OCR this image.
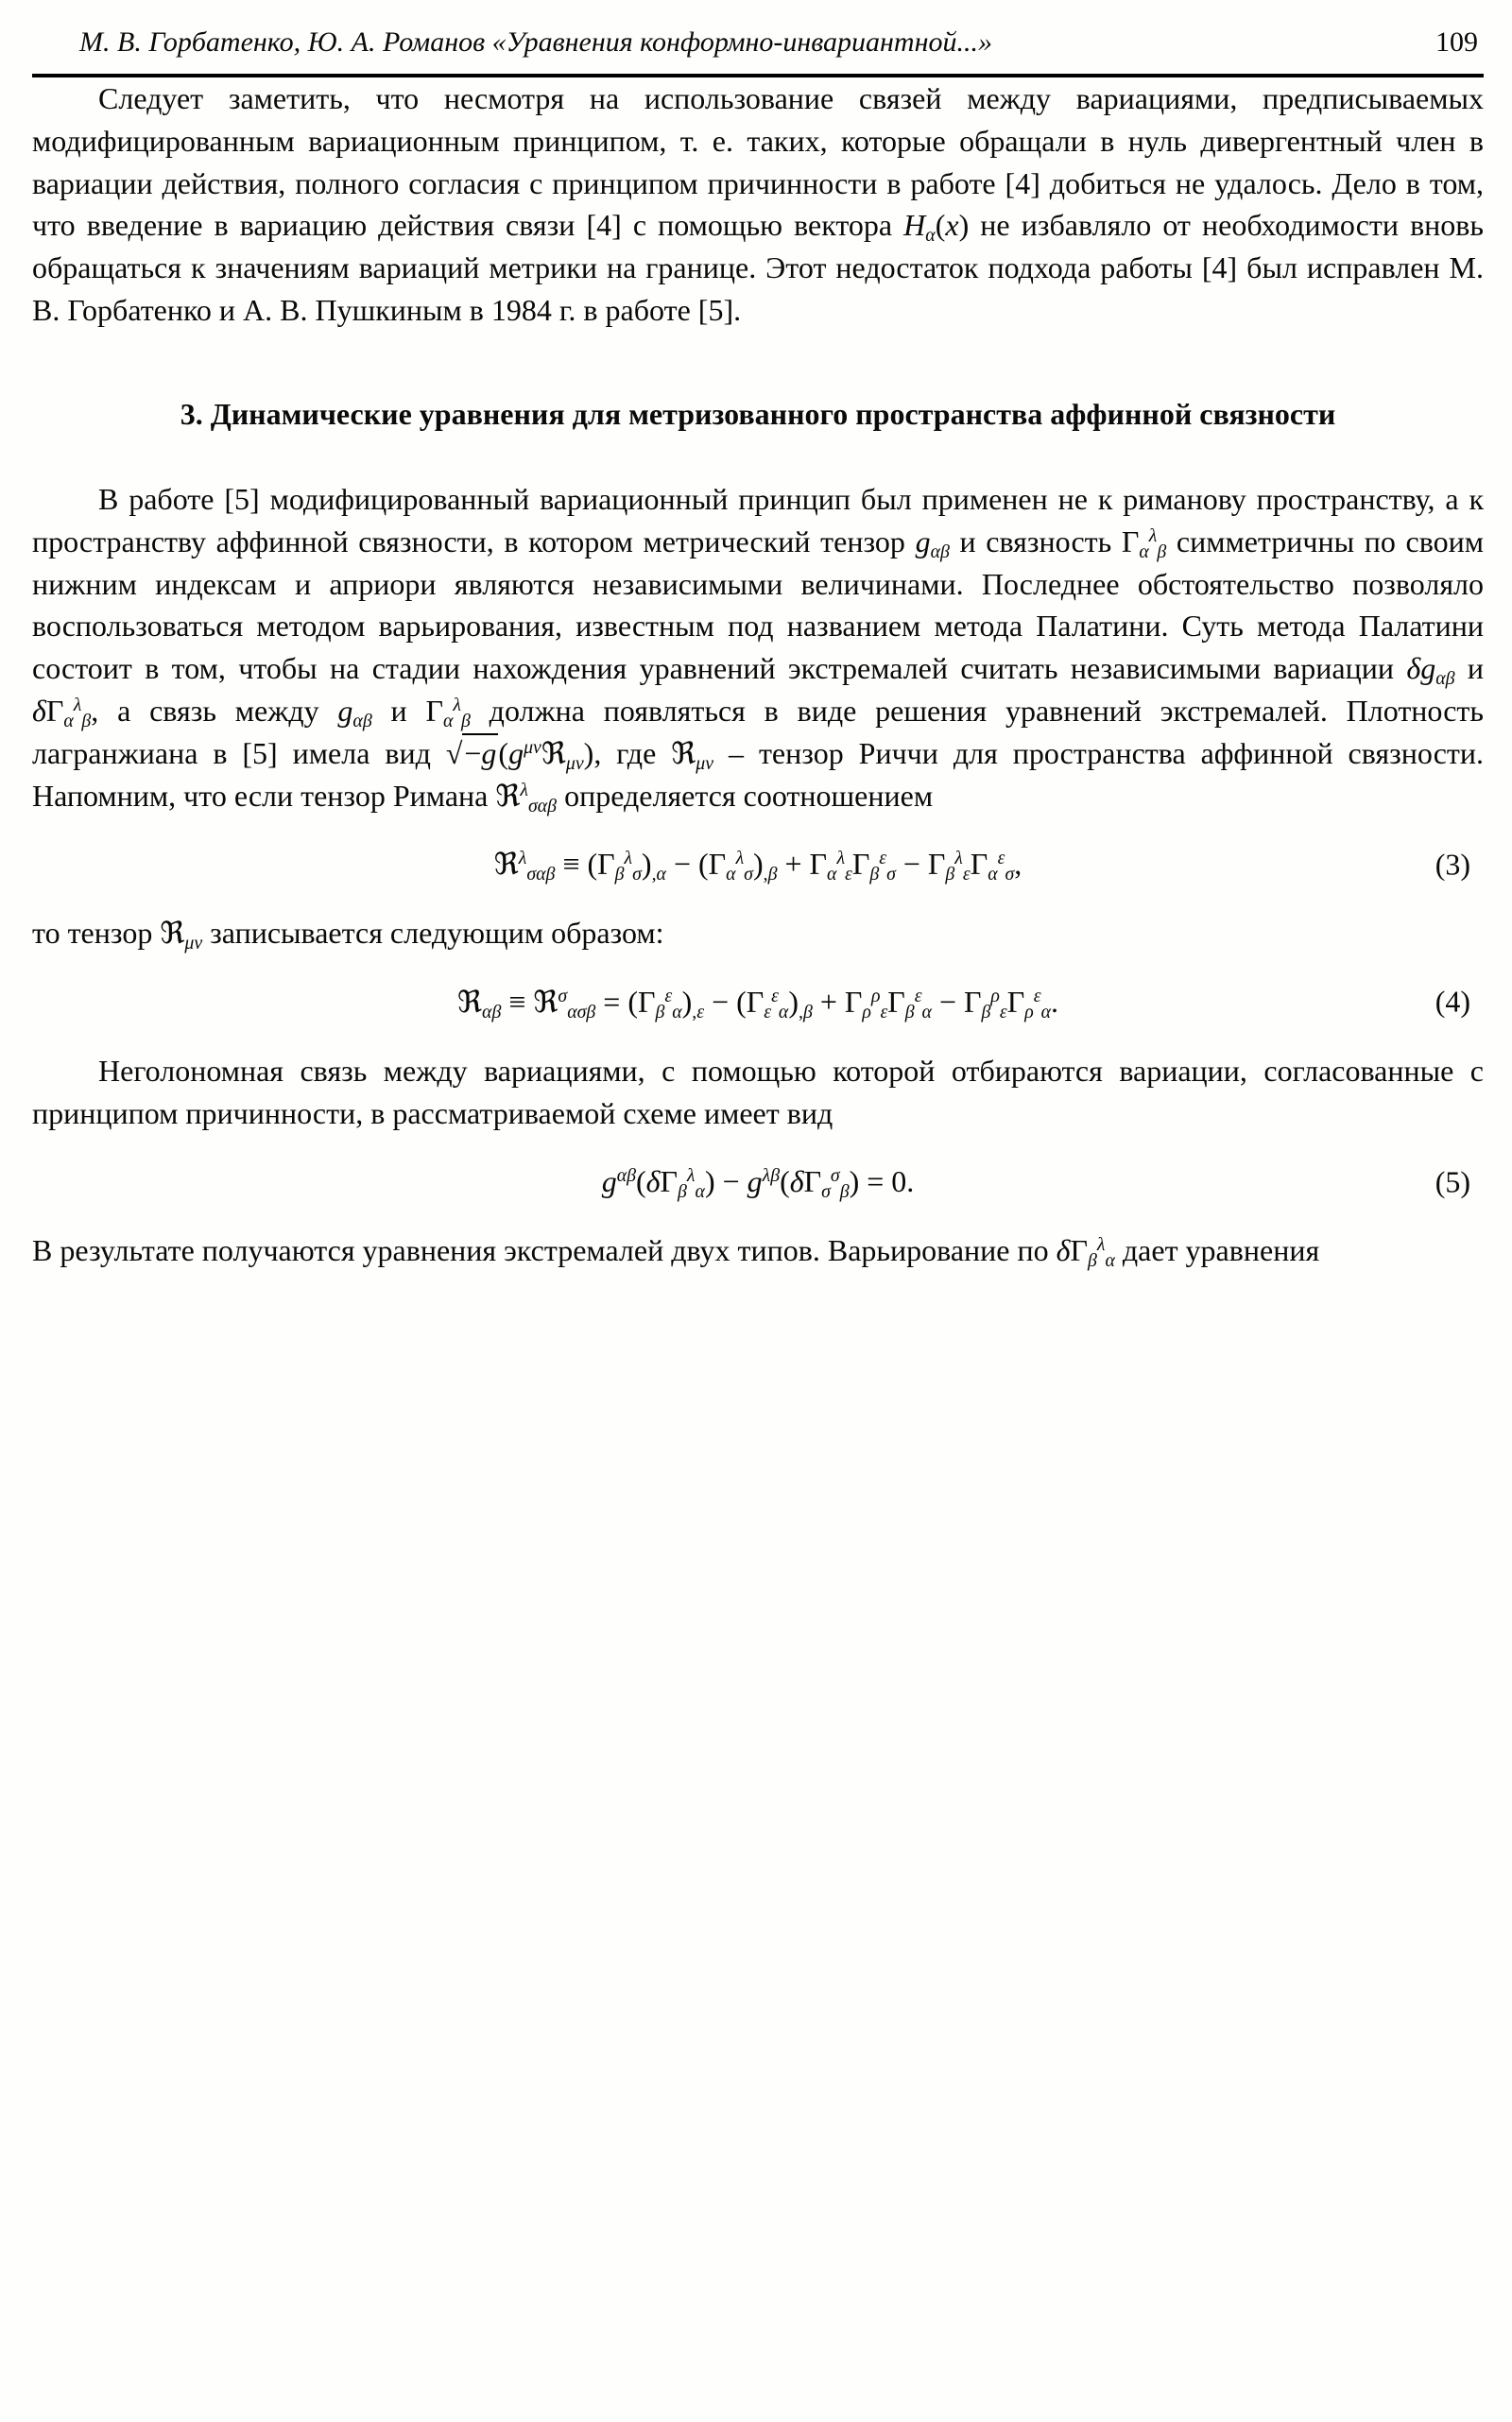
М. В. Горбатенко, Ю. А. Романов «Уравнения конформно-инвариантной...»	109

Следует заметить, что несмотря на использование связей между вариациями, предписываемых модифицированным вариационным принципом, т. е. таких, которые обращали в нуль дивергентный член в вариации действия, полного согласия с принципом причинности в работе [4] добиться не удалось. Дело в том, что введение в вариацию действия связи [4] с помощью вектора $H_\alpha(x)$ не избавляло от необходимости вновь обращаться к значениям вариаций метрики на границе. Этот недостаток подхода работы [4] был исправлен М. В. Горбатенко и А. В. Пушкиным в 1984 г. в работе [5].

3. Динамические уравнения для метризованного пространства аффинной связности

В работе [5] модифицированный вариационный принцип был применен не к риманову пространству, а к пространству аффинной связности, в котором метрический тензор $g_{\alpha\beta}$ и связность $\Gamma_\alpha^\lambda_\beta$ симметричны по своим нижним индексам и априори являются независимыми величинами. Последнее обстоятельство позволяло воспользоваться методом варьирования, известным под названием метода Палатини. Суть метода Палатини состоит в том, чтобы на стадии нахождения уравнений экстремалей считать независимыми вариации $\delta g_{\alpha\beta}$ и $\delta\Gamma_\alpha^\lambda_\beta$, а связь между $g_{\alpha\beta}$ и $\Gamma_\alpha^\lambda_\beta$ должна появляться в виде решения уравнений экстремалей. Плотность лагранжиана в [5] имела вид $√-g(g^{\mu\nu}ℜ_{\mu\nu})$, где ℜ$_{\mu\nu}$ – тензор Риччи для пространства аффинной связности. Напомним, что если тензор Римана ℜ$^\lambda_{\sigma\alpha\beta}$ определяется соотношением

ℜ$^\lambda_{\sigma\alpha\beta}$ ≡ $(\Gamma_\beta^\lambda_\sigma)_{,\alpha} - (\Gamma_\alpha^\lambda_\sigma)_{,\beta} + \Gamma_\alpha^\lambda_\varepsilon\Gamma_\beta^\varepsilon_\sigma - \Gamma_\beta^\lambda_\varepsilon\Gamma_\alpha^\varepsilon_\sigma$,	(3)

то тензор ℜ$_{\mu\nu}$ записывается следующим образом:

ℜ$_{\alpha\beta}$ ≡ ℜ$^\sigma_{\alpha\sigma\beta}$ = $(\Gamma_\beta^\varepsilon_\alpha)_{,\varepsilon} - (\Gamma_\varepsilon^\varepsilon_\alpha)_{,\beta} + \Gamma_\rho^\rho_\varepsilon\Gamma_\beta^\varepsilon_\alpha - \Gamma_\beta^\rho_\varepsilon\Gamma_\rho^\varepsilon_\alpha$.	(4)

Неголономная связь между вариациями, с помощью которой отбираются вариации, согласованные с принципом причинности, в рассматриваемой схеме имеет вид

$g^{\alpha\beta}(\delta\Gamma_\beta^\lambda_\alpha) - g^{\lambda\beta}(\delta\Gamma_\sigma^\sigma_\beta) = 0$.	(5)

В результате получаются уравнения экстремалей двух типов. Варьирование по $\delta\Gamma_\beta^\lambda_\alpha$ дает уравнения
